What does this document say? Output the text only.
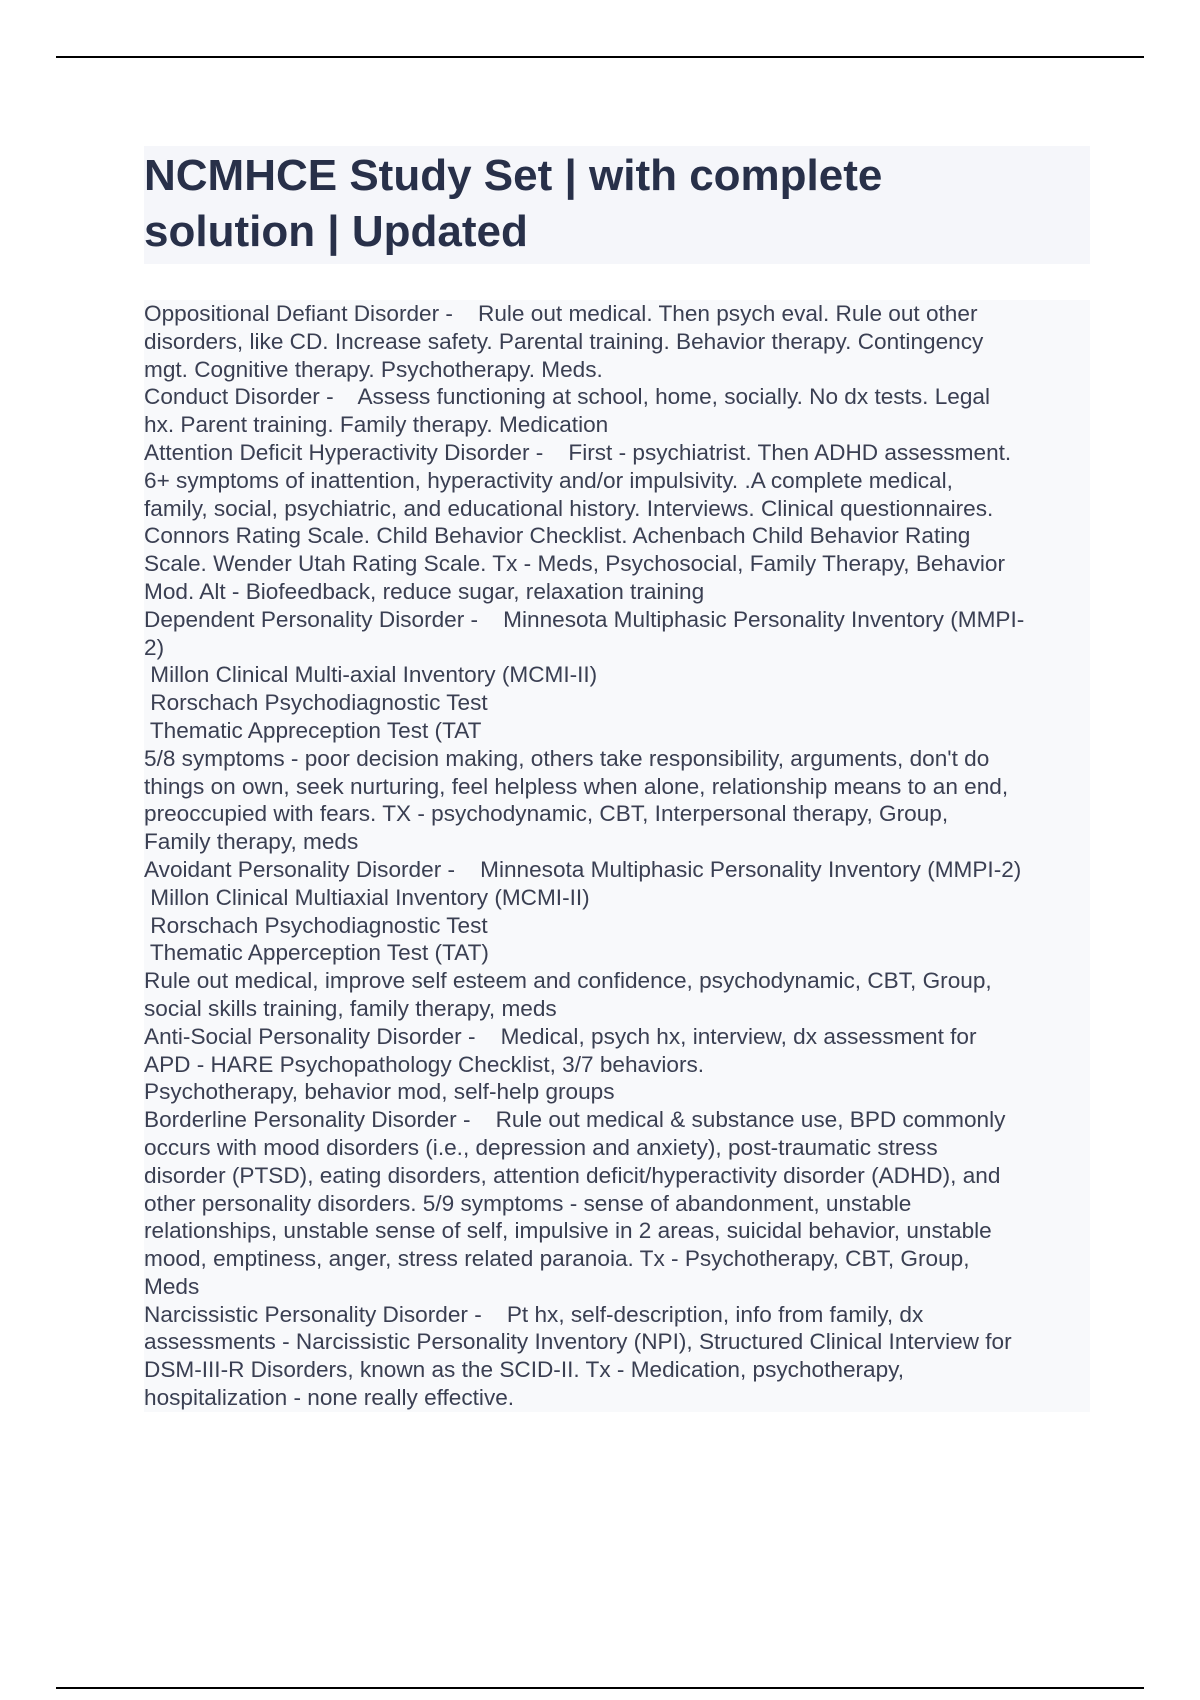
NCMHCE Study Set | with complete
solution | Updated
Oppositional Defiant Disorder -    Rule out medical. Then psych eval. Rule out other
disorders, like CD. Increase safety. Parental training. Behavior therapy. Contingency
mgt. Cognitive therapy. Psychotherapy. Meds.
Conduct Disorder -    Assess functioning at school, home, socially. No dx tests. Legal
hx. Parent training. Family therapy. Medication
Attention Deficit Hyperactivity Disorder -    First - psychiatrist. Then ADHD assessment.
6+ symptoms of inattention, hyperactivity and/or impulsivity. .A complete medical,
family, social, psychiatric, and educational history. Interviews. Clinical questionnaires.
Connors Rating Scale. Child Behavior Checklist. Achenbach Child Behavior Rating
Scale. Wender Utah Rating Scale. Tx - Meds, Psychosocial, Family Therapy, Behavior
Mod. Alt - Biofeedback, reduce sugar, relaxation training
Dependent Personality Disorder -    Minnesota Multiphasic Personality Inventory (MMPI-
2)
Millon Clinical Multi-axial Inventory (MCMI-II)
Rorschach Psychodiagnostic Test
Thematic Appreception Test (TAT
5/8 symptoms - poor decision making, others take responsibility, arguments, don't do
things on own, seek nurturing, feel helpless when alone, relationship means to an end,
preoccupied with fears. TX - psychodynamic, CBT, Interpersonal therapy, Group,
Family therapy, meds
Avoidant Personality Disorder -    Minnesota Multiphasic Personality Inventory (MMPI-2)
Millon Clinical Multiaxial Inventory (MCMI-II)
Rorschach Psychodiagnostic Test
Thematic Apperception Test (TAT)
Rule out medical, improve self esteem and confidence, psychodynamic, CBT, Group,
social skills training, family therapy, meds
Anti-Social Personality Disorder -    Medical, psych hx, interview, dx assessment for
APD - HARE Psychopathology Checklist, 3/7 behaviors.
Psychotherapy, behavior mod, self-help groups
Borderline Personality Disorder -    Rule out medical & substance use, BPD commonly
occurs with mood disorders (i.e., depression and anxiety), post-traumatic stress
disorder (PTSD), eating disorders, attention deficit/hyperactivity disorder (ADHD), and
other personality disorders. 5/9 symptoms - sense of abandonment, unstable
relationships, unstable sense of self, impulsive in 2 areas, suicidal behavior, unstable
mood, emptiness, anger, stress related paranoia. Tx - Psychotherapy, CBT, Group,
Meds
Narcissistic Personality Disorder -    Pt hx, self-description, info from family, dx
assessments - Narcissistic Personality Inventory (NPI), Structured Clinical Interview for
DSM-III-R Disorders, known as the SCID-II. Tx - Medication, psychotherapy,
hospitalization - none really effective.
